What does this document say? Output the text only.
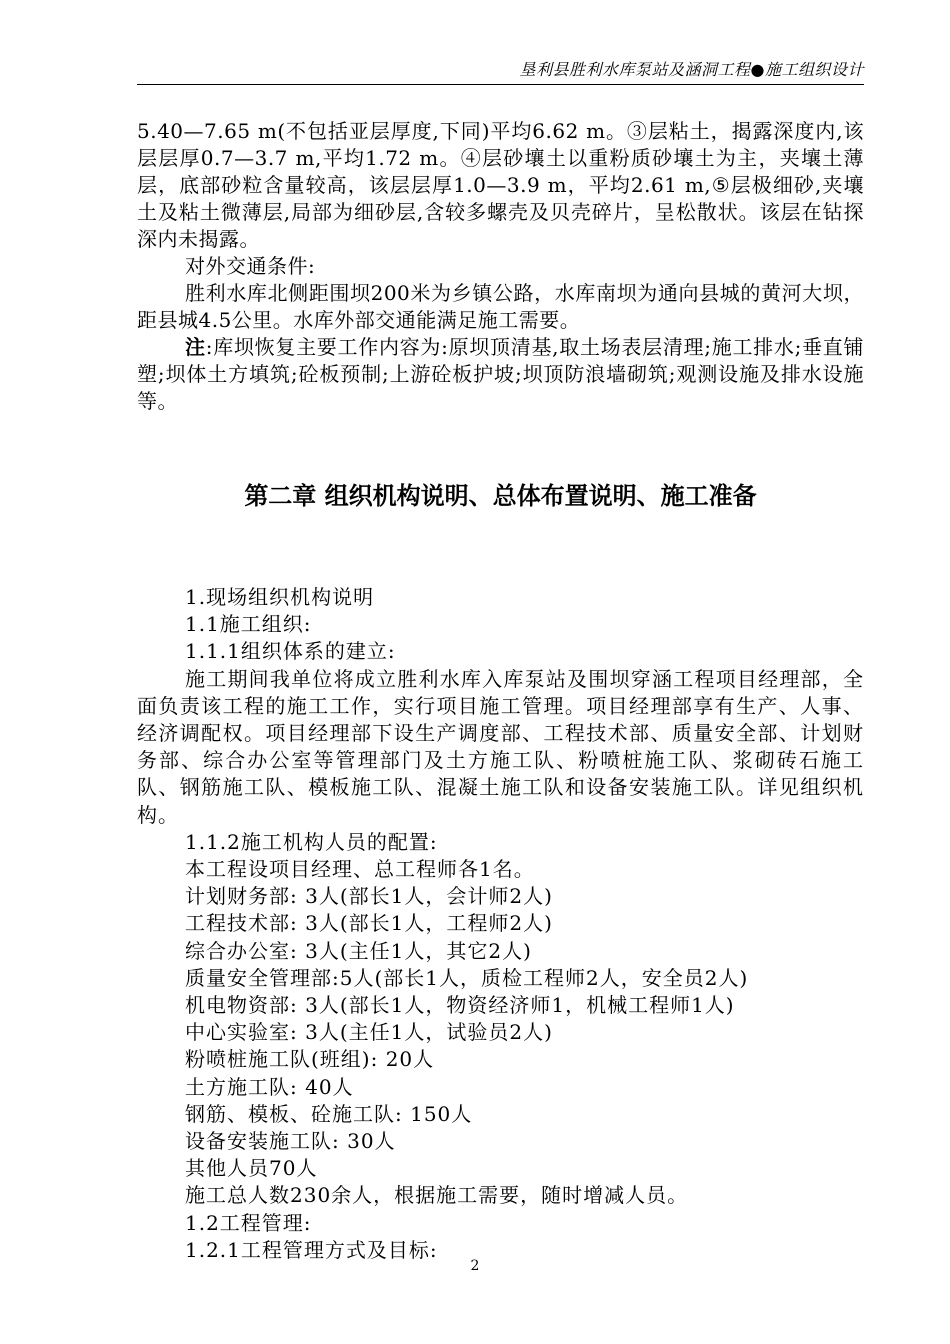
垦利县胜利水库泵站及涵洞工程●施工组织设计

5.40—7.65 m(不包括亚层厚度,下同)平均6.62 m。③层粘土，揭露深度内,该层层厚0.7—3.7 m,平均1.72 m。④层砂壤土以重粉质砂壤土为主，夹壤土薄层，底部砂粒含量较高，该层层厚1.0—3.9 m，平均2.61 m,⑤层极细砂,夹壤土及粘土微薄层,局部为细砂层,含较多螺壳及贝壳碎片，呈松散状。该层在钻探深内未揭露。

对外交通条件:

胜利水库北侧距围坝200米为乡镇公路，水库南坝为通向县城的黄河大坝，距县城4.5公里。水库外部交通能满足施工需要。

注:库坝恢复主要工作内容为:原坝顶清基,取土场表层清理;施工排水;垂直铺塑;坝体土方填筑;砼板预制;上游砼板护坡;坝顶防浪墙砌筑;观测设施及排水设施等。

第二章 组织机构说明、总体布置说明、施工准备

1.现场组织机构说明

1.1施工组织:

1.1.1组织体系的建立:

施工期间我单位将成立胜利水库入库泵站及围坝穿涵工程项目经理部，全面负责该工程的施工工作，实行项目施工管理。项目经理部享有生产、人事、经济调配权。项目经理部下设生产调度部、工程技术部、质量安全部、计划财务部、综合办公室等管理部门及土方施工队、粉喷桩施工队、浆砌砖石施工队、钢筋施工队、模板施工队、混凝土施工队和设备安装施工队。详见组织机构。

1.1.2施工机构人员的配置:

本工程设项目经理、总工程师各1名。

计划财务部: 3人(部长1人，会计师2人)

工程技术部: 3人(部长1人，工程师2人)

综合办公室: 3人(主任1人，其它2人)

质量安全管理部:5人(部长1人，质检工程师2人，安全员2人)

机电物资部: 3人(部长1人，物资经济师1，机械工程师1人)

中心实验室: 3人(主任1人，试验员2人)

粉喷桩施工队(班组): 20人

土方施工队: 40人

钢筋、模板、砼施工队: 150人

设备安装施工队: 30人

其他人员70人

施工总人数230余人，根据施工需要，随时增减人员。

1.2工程管理:

1.2.1工程管理方式及目标:

2
